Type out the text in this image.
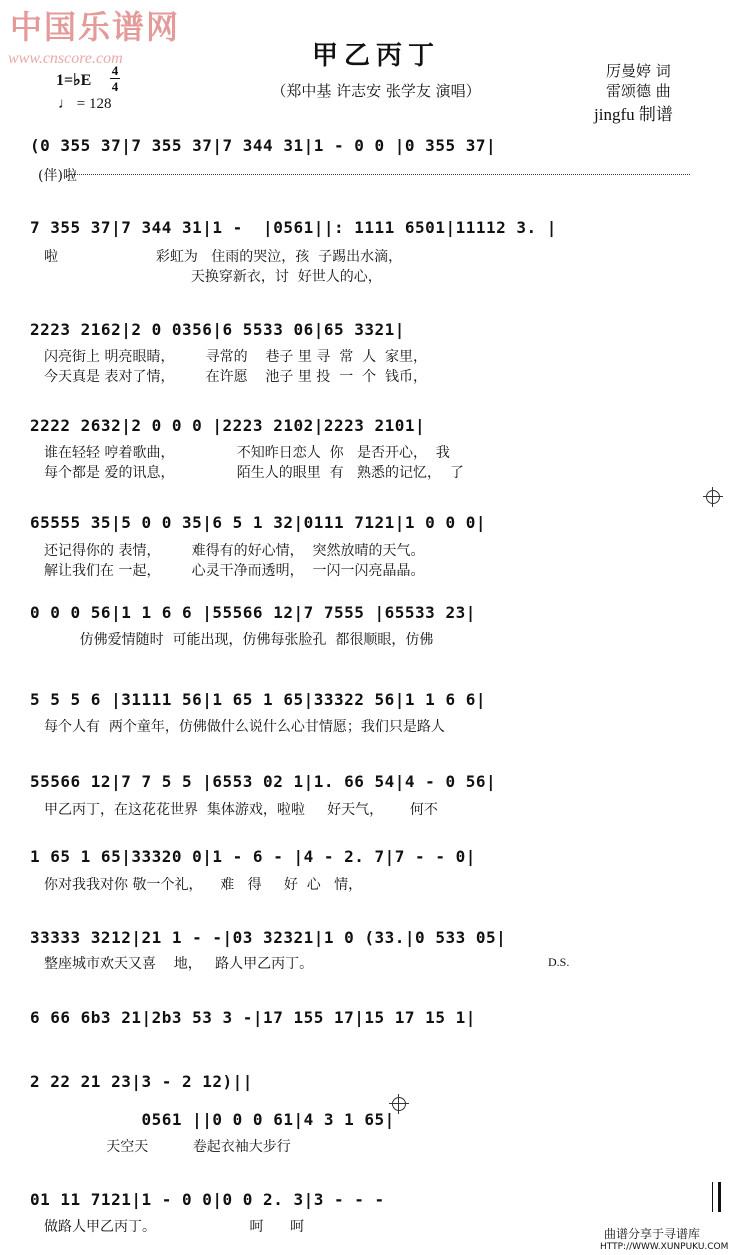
中国乐谱网
www.cnscore.com	甲乙丙丁
（郑中基 许志安 张学友 演唱）
1=♭E
4
4
♩ = 128
厉曼婷 词
雷颂德 曲
jingfu 制谱
(伴)啦
D.S.
(0 355 37|7 355 37|7 344 31|1 - 0 0 |0 355 37|
7 355 37|7 344 31|1 -  |0561||: 1111 6501|11112 3. |
啦                      彩虹为   住雨的哭泣，孩  子踢出水滴，
天换穿新衣，讨  好世人的心，
2223 2162|2 0 0356|6 5533 06|65 3321|
闪亮街上 明亮眼睛，       寻常的    巷子 里 寻  常  人  家里，
今天真是 表对了情，       在许愿    池子 里 投  一  个  钱币，
2222 2632|2 0 0 0 |2223 2102|2223 2101|
谁在轻轻 哼着歌曲，              不知昨日恋人  你   是否开心，  我
每个都是 爱的讯息，              陌生人的眼里  有   熟悉的记忆，  了
65555 35|5 0 0 35|6 5 1 32|0111 7121|1 0 0 0|
还记得你的 表情，       难得有的好心情，  突然放晴的天气。
解让我们在 一起，       心灵干净而透明，  一闪一闪亮晶晶。
0 0 0 56|1 1 6 6 |55566 12|7 7555 |65533 23|
仿佛爱情随时  可能出现，仿佛每张脸孔  都很顺眼，仿佛
5 5 5 6 |31111 56|1 65 1 65|33322 56|1 1 6 6|
每个人有  两个童年，仿佛做什么说什么心甘情愿；我们只是路人
55566 12|7 7 5 5 |6553 02 1|1. 66 54|4 - 0 56|
甲乙丙丁，在这花花世界  集体游戏，啦啦     好天气，      何不
1 65 1 65|33320 0|1 - 6 - |4 - 2. 7|7 - - 0|
你对我我对你 敬一个礼，    难   得     好  心   情，
33333 3212|21 1 - -|03 32321|1 0 (33.|0 533 05|
整座城市欢天又喜    地，   路人甲乙丙丁。
6 66 6b3 21|2b3 53 3 -|17 155 17|15 17 15 1|
2 22 21 23|3 - 2 12)||
0561 ||0 0 0 61|4 3 1 65|
天空天          卷起衣袖大步行
01 11 7121|1 - 0 0|0 0 2. 3|3 - - -
做路人甲乙丙丁。                     呵      呵	曲谱分享于寻谱库
HTTP://WWW.XUNPUKU.COM
